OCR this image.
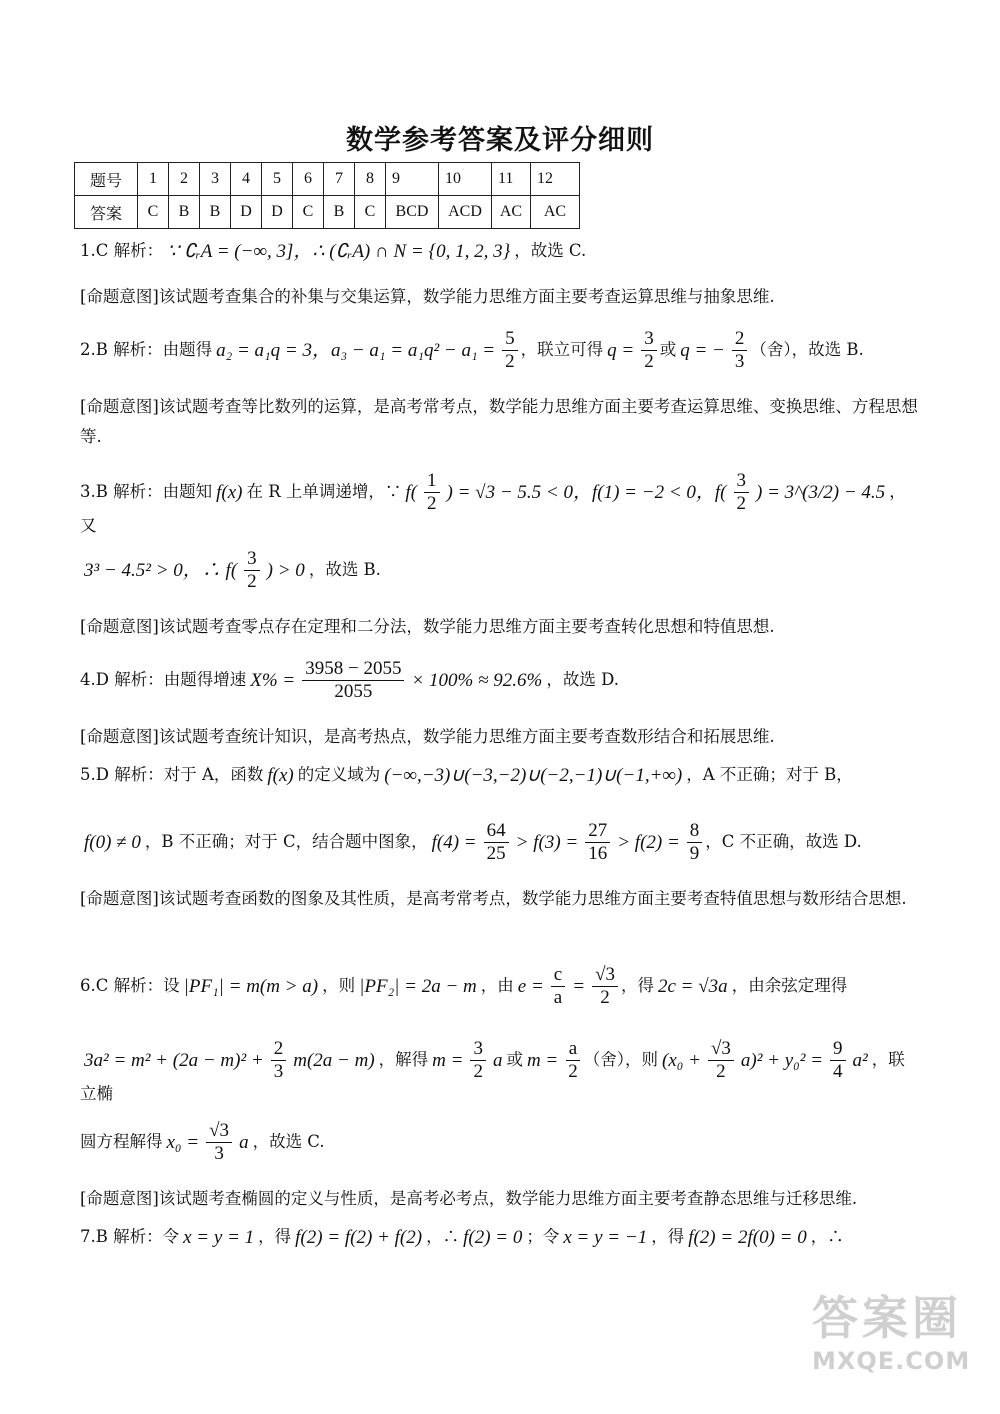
数学参考答案及评分细则
题号	1	2	3	4	5	6	7	8	9	10	11	12
答案	C	B	B	D	D	C	B	C	BCD	ACD	AC	AC
1.C 解析： ∵ ∁ᵣA = (−∞, 3]，∴ (∁ᵣA) ∩ N = {0, 1, 2, 3} ，故选 C.
[命题意图]该试题考查集合的补集与交集运算，数学能力思维方面主要考查运算思维与抽象思维.
2.B 解析：由题得 a₂ = a₁q = 3，$a_3 - a_1 = a_1q^2 - a_1 = \frac{5}{2}$ ，联立可得 $q = \frac{3}{2}$ 或 q = − $\frac{2}{3}$ （舍），故选 B.
[命题意图]该试题考查等比数列的运算，是高考常考点，数学能力思维方面主要考查运算思维、变换思维、方程思想等.
3.B 解析：由题知 f(x) 在 R 上单调递增，∵ $f( \frac{1}{2}$ ) = √3 − 5.5 < 0，f(1) = −2 < 0，$f( \frac{3}{2}$ ) = 3^(3/2) − 4.5 ，又
3³ − 4.5² > 0，∴ $f( \frac{3}{2}$ ) > 0 ，故选 B.
[命题意图]该试题考查零点存在定理和二分法，数学能力思维方面主要考查转化思想和特值思想.
4.D 解析：由题得增速 $X\% = \frac{3958 - 2055}{2055} \times 100\% \approx 92.6\%$ ，故选 D.
[命题意图]该试题考查统计知识，是高考热点，数学能力思维方面主要考查数形结合和拓展思维.
5.D 解析：对于 A，函数 f(x) 的定义域为 (−∞,−3)∪(−3,−2)∪(−2,−1)∪(−1,+∞) ，A 不正确；对于 B，
f(0) ≠ 0 ，B 不正确；对于 C，结合题中图象， $f(4) = \frac{64}{25} > f(3) = \frac{27}{16} > f(2) = \frac{8}{9}$ ，C 不正确，故选 D.
[命题意图]该试题考查函数的图象及其性质，是高考常考点，数学能力思维方面主要考查特值思想与数形结合思想.
6.C 解析：设 |PF₁| = m(m > a) ，则 |PF₂| = 2a − m ，由 $e = \frac{c}{a} = \frac{√3}{2}$ ，得 2c = √3a ，由余弦定理得
$3a^2 = m^2 + (2a - m)^2 + \frac{2}{3} m(2a - m)$ ，解得 $m = \frac{3}{2}$ a 或 $m = \frac{a}{2}$ （舍），则 $(x_0 + \frac{√3}{2} a)^2 + y_0^2 = \frac{9}{4} a^2$ ，联立椭
圆方程解得 $x_0 = \frac{√3}{3}$ a ，故选 C.
[命题意图]该试题考查椭圆的定义与性质，是高考必考点，数学能力思维方面主要考查静态思维与迁移思维.
7.B 解析：令 x = y = 1 ，得 f(2) = f(2) + f(2) ，∴ f(2) = 0 ；令 x = y = −1 ，得 f(2) = 2f(0) = 0 ，∴
答案圈
MXQE.COM
